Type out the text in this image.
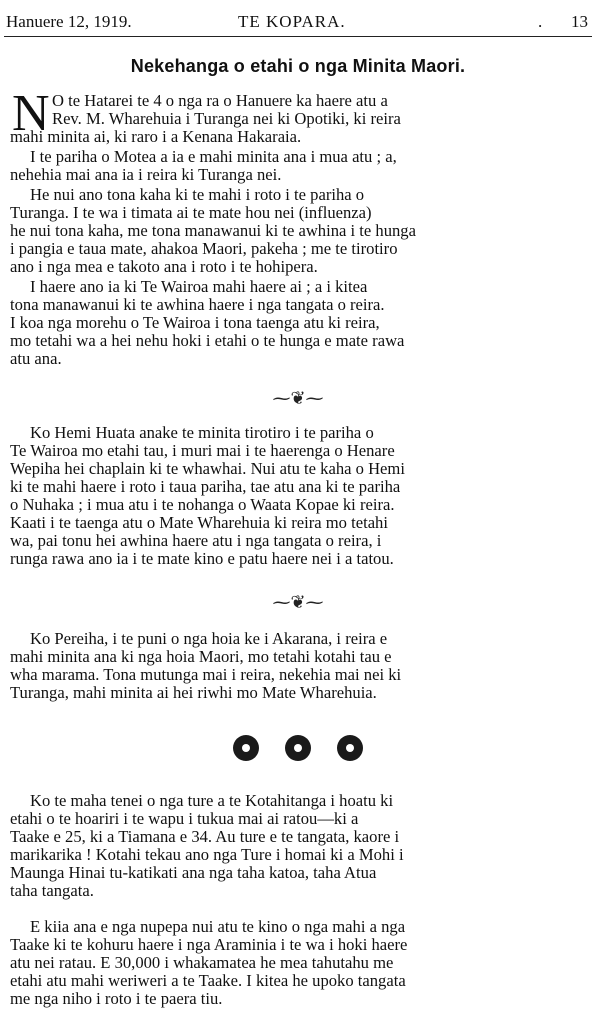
Hanuere 12, 1919.	TE KOPARA.	. 13
Nekehanga o etahi o nga Minita Maori.
N O te Hatarei te 4 o nga ra o Hanuere ka haere atu a
Rev. M. Wharehuia i Turanga nei ki Opotiki, ki reira
mahi minita ai, ki raro i a Kenana Hakaraia.
I te pariha o Motea a ia e mahi minita ana i mua atu ; a,
nehehia mai ana ia i reira ki Turanga nei.
He nui ano tona kaha ki te mahi i roto i te pariha o
Turanga. I te wa i timata ai te mate hou nei (influenza)
he nui tona kaha, me tona manawanui ki te awhina i te hunga
i pangia e taua mate, ahakoa Maori, pakeha ; me te tirotiro
ano i nga mea e takoto ana i roto i te hohipera.
I haere ano ia ki Te Wairoa mahi haere ai ; a i kitea
tona manawanui ki te awhina haere i nga tangata o reira.
I koa nga morehu o Te Wairoa i tona taenga atu ki reira,
mo tetahi wa a hei nehu hoki i etahi o te hunga e mate rawa
atu ana.
⁓❦⁓
Ko Hemi Huata anake te minita tirotiro i te pariha o
Te Wairoa mo etahi tau, i muri mai i te haerenga o Henare
Wepiha hei chaplain ki te whawhai. Nui atu te kaha o Hemi
ki te mahi haere i roto i taua pariha, tae atu ana ki te pariha
o Nuhaka ; i mua atu i te nohanga o Waata Kopae ki reira.
Kaati i te taenga atu o Mate Wharehuia ki reira mo tetahi
wa, pai tonu hei awhina haere atu i nga tangata o reira, i
runga rawa ano ia i te mate kino e patu haere nei i a tatou.
⁓❦⁓
Ko Pereiha, i te puni o nga hoia ke i Akarana, i reira e
mahi minita ana ki nga hoia Maori, mo tetahi kotahi tau e
wha marama. Tona mutunga mai i reira, nekehia mai nei ki
Turanga, mahi minita ai hei riwhi mo Mate Wharehuia.

Ko te maha tenei o nga ture a te Kotahitanga i hoatu ki
etahi o te hoariri i te wapu i tukua mai ai ratou—ki a
Taake e 25, ki a Tiamana e 34. Au ture e te tangata, kaore i
marikarika ! Kotahi tekau ano nga Ture i homai ki a Mohi i
Maunga Hinai tu-katikati ana nga taha katoa, taha Atua
taha tangata.
E kiia ana e nga nupepa nui atu te kino o nga mahi a nga
Taake ki te kohuru haere i nga Araminia i te wa i hoki haere
atu nei ratau. E 30,000 i whakamatea he mea tahutahu me
etahi atu mahi weriweri a te Taake. I kitea he upoko tangata
me nga niho i roto i te paera tiu.
